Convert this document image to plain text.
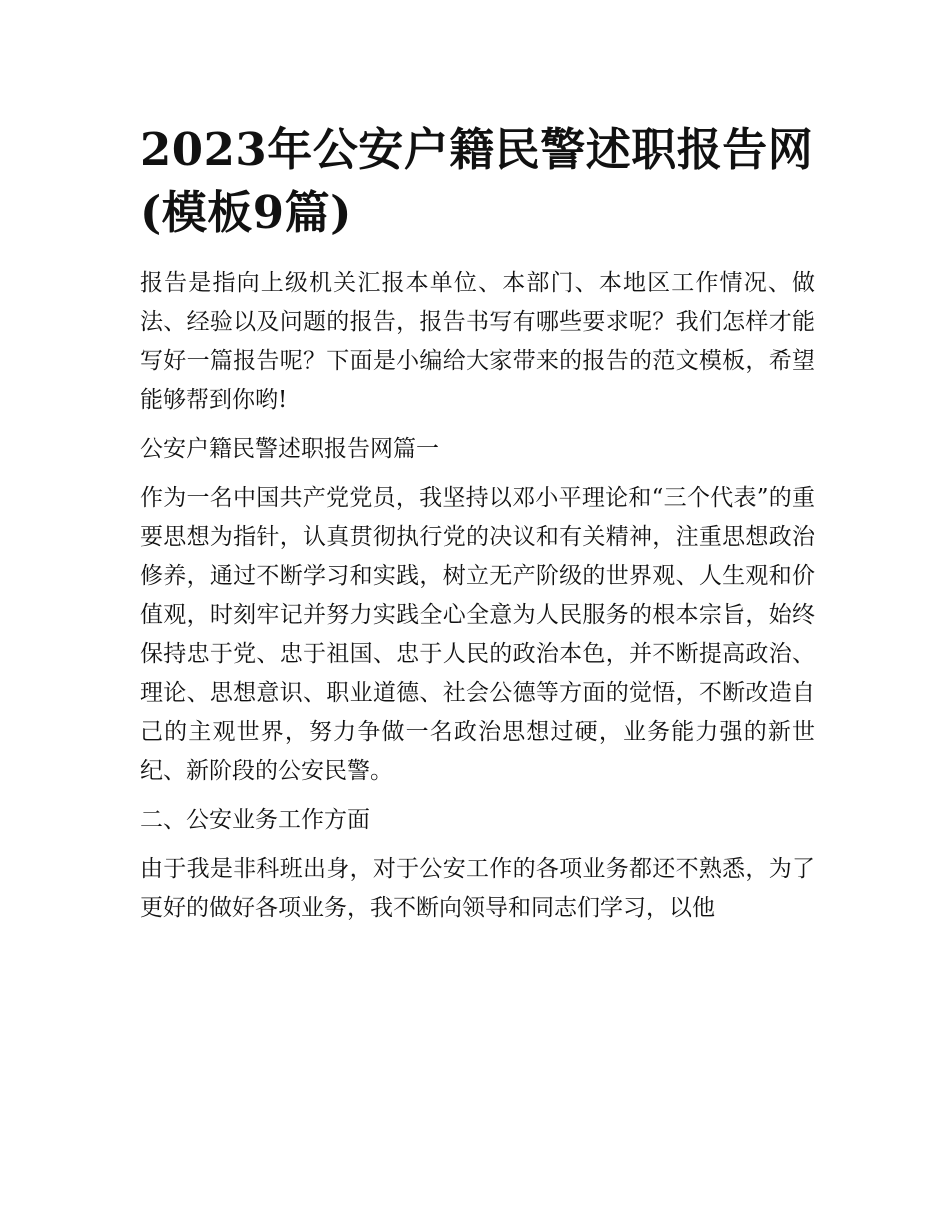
2023年公安户籍民警述职报告网(模板9篇)

报告是指向上级机关汇报本单位、本部门、本地区工作情况、做法、经验以及问题的报告，报告书写有哪些要求呢？我们怎样才能写好一篇报告呢？下面是小编给大家带来的报告的范文模板，希望能够帮到你哟!

公安户籍民警述职报告网篇一

作为一名中国共产党党员，我坚持以邓小平理论和“三个代表”的重要思想为指针，认真贯彻执行党的决议和有关精神，注重思想政治修养，通过不断学习和实践，树立无产阶级的世界观、人生观和价值观，时刻牢记并努力实践全心全意为人民服务的根本宗旨，始终保持忠于党、忠于祖国、忠于人民的政治本色，并不断提高政治、理论、思想意识、职业道德、社会公德等方面的觉悟，不断改造自己的主观世界，努力争做一名政治思想过硬，业务能力强的新世纪、新阶段的公安民警。

二、公安业务工作方面

由于我是非科班出身，对于公安工作的各项业务都还不熟悉，为了更好的做好各项业务，我不断向领导和同志们学习，以他
